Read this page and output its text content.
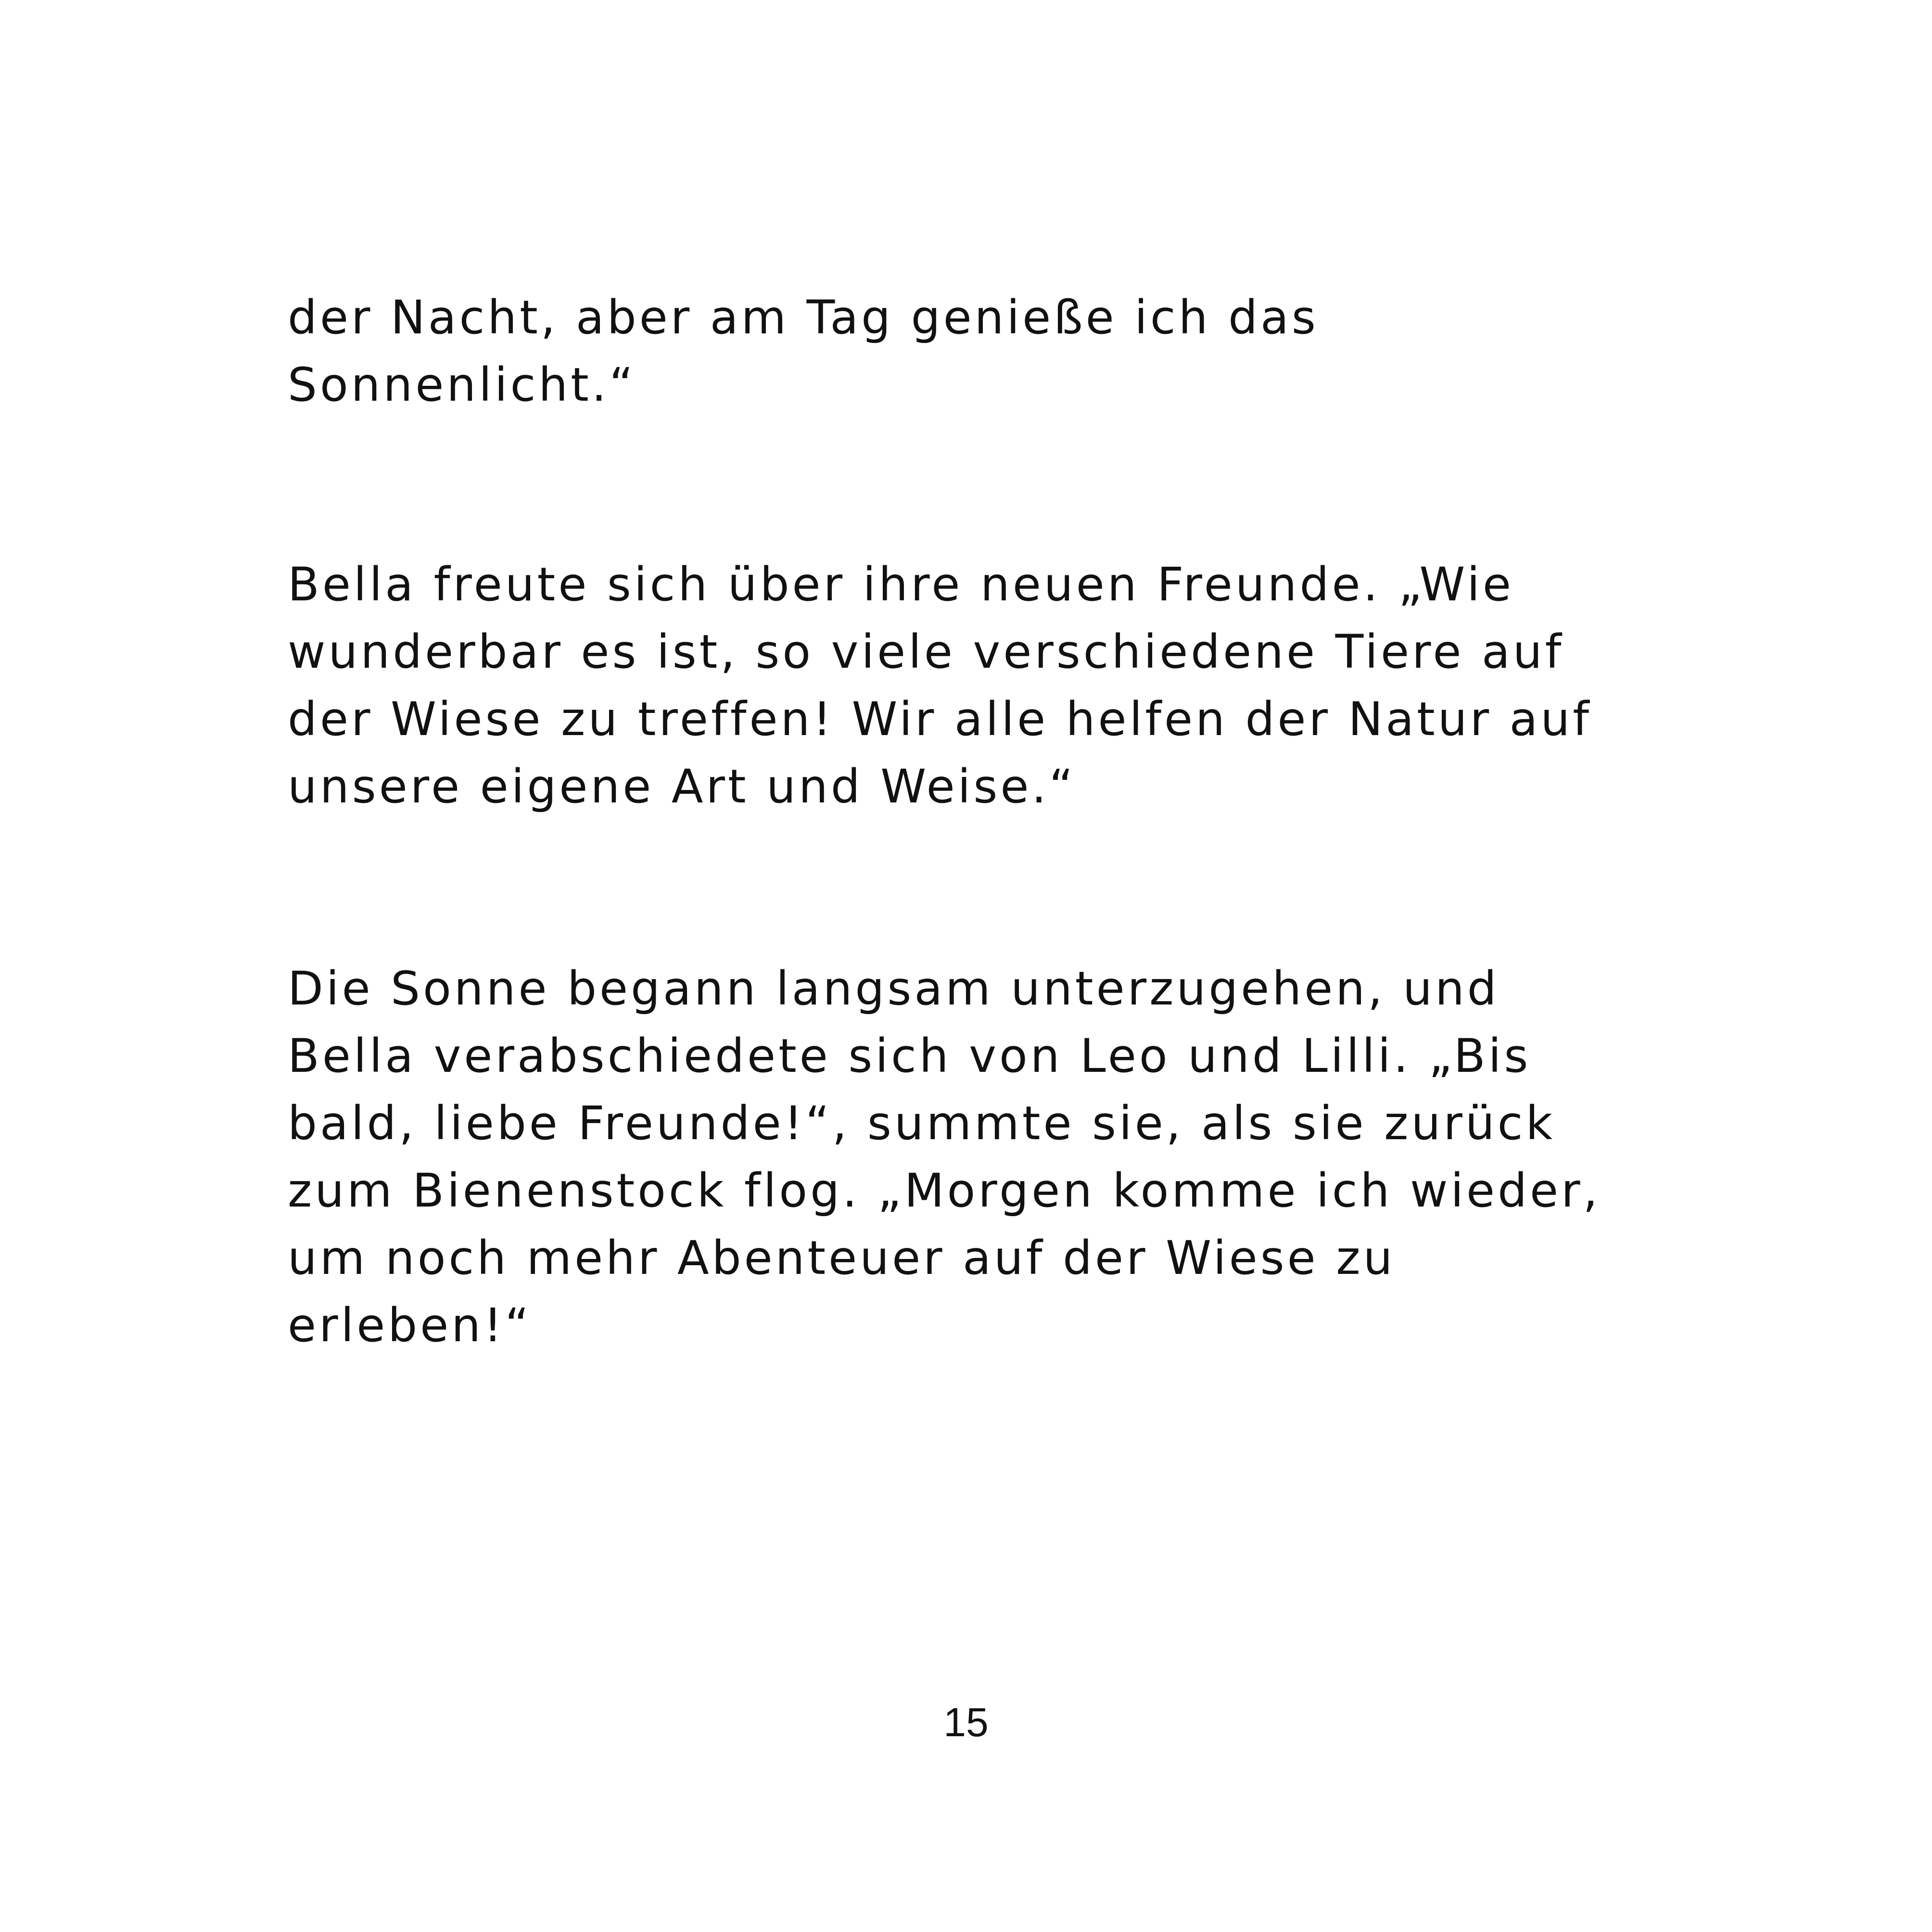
der Nacht, aber am Tag genieße ich das
Sonnenlicht.“

Bella freute sich über ihre neuen Freunde. „Wie
wunderbar es ist, so viele verschiedene Tiere auf
der Wiese zu treffen! Wir alle helfen der Natur auf
unsere eigene Art und Weise.“

Die Sonne begann langsam unterzugehen, und
Bella verabschiedete sich von Leo und Lilli. „Bis
bald, liebe Freunde!“, summte sie, als sie zurück
zum Bienenstock flog. „Morgen komme ich wieder,
um noch mehr Abenteuer auf der Wiese zu
erleben!“

15
